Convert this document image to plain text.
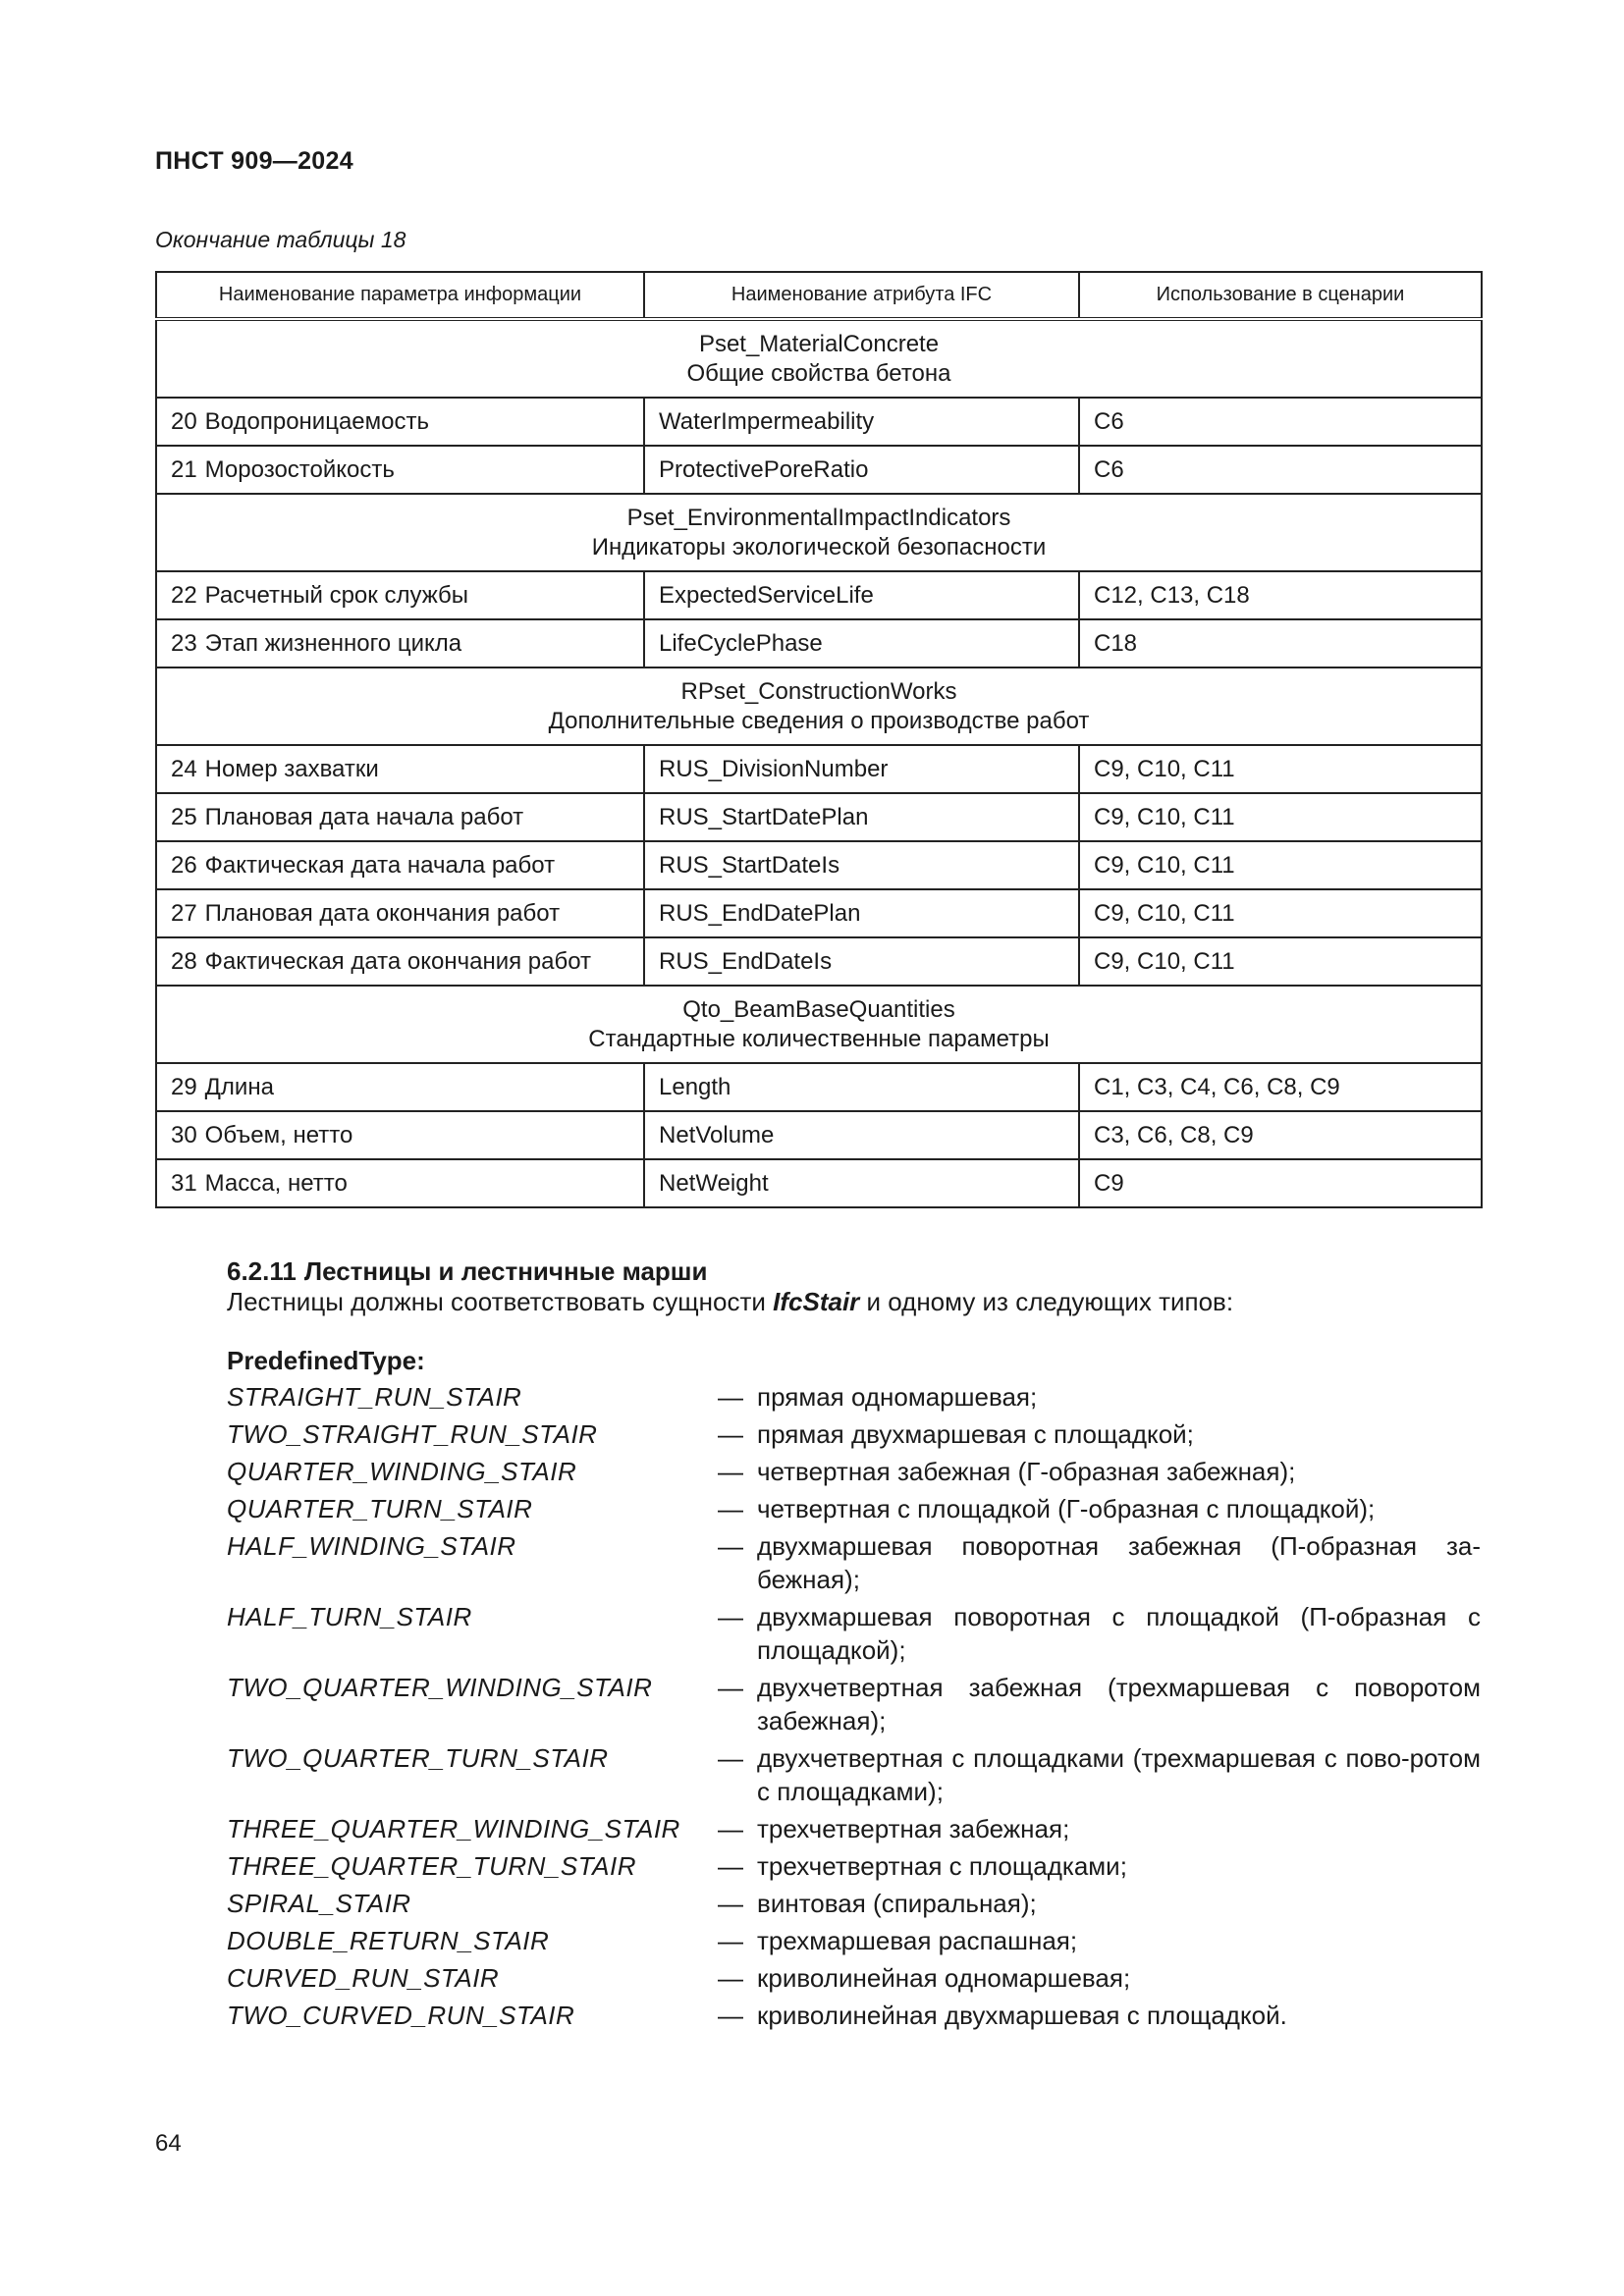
ПНСТ 909—2024
Окончание таблицы 18
Наименование параметра информации	Наименование атрибута IFC	Использование в сценарии

Pset_MaterialConcrete
Общие свойства бетона		

20 Водопроницаемость	WaterImpermeability	C6
21 Морозостойкость	ProtectivePoreRatio	C6

Pset_EnvironmentalImpactIndicators
Индикаторы экологической безопасности		

22 Расчетный срок службы	ExpectedServiceLife	C12, C13, C18
23 Этап жизненного цикла	LifeCyclePhase	C18

RPset_ConstructionWorks
Дополнительные сведения о производстве работ		

24 Номер захватки	RUS_DivisionNumber	C9, C10, C11
25 Плановая дата начала работ	RUS_StartDatePlan	C9, C10, C11
26 Фактическая дата начала работ	RUS_StartDateIs	C9, C10, C11
27 Плановая дата окончания работ	RUS_EndDatePlan	C9, C10, C11
28 Фактическая дата окончания работ	RUS_EndDateIs	C9, C10, C11

Qto_BeamBaseQuantities
Стандартные количественные параметры		

29 Длина	Length	C1, C3, C4, C6, C8, C9
30 Объем, нетто	NetVolume	C3, C6, C8, C9
31 Масса, нетто	NetWeight	C9
6.2.11 Лестницы и лестничные марши
Лестницы должны соответствовать сущности IfcStair и одному из следующих типов:
PredefinedType:
STRAIGHT_RUN_STAIR	— прямая одномаршевая;
TWO_STRAIGHT_RUN_STAIR	— прямая двухмаршевая с площадкой;
QUARTER_WINDING_STAIR	— четвертная забежная (Г-образная забежная);
QUARTER_TURN_STAIR	— четвертная с площадкой (Г-образная с площадкой);
HALF_WINDING_STAIR	— двухмаршевая поворотная забежная (П-образная за-бежная);
HALF_TURN_STAIR	— двухмаршевая поворотная с площадкой (П-образная с площадкой);
TWO_QUARTER_WINDING_STAIR	— двухчетвертная забежная (трехмаршевая с поворотом забежная);
TWO_QUARTER_TURN_STAIR	— двухчетвертная с площадками (трехмаршевая с пово-ротом с площадками);
THREE_QUARTER_WINDING_STAIR	— трехчетвертная забежная;
THREE_QUARTER_TURN_STAIR	— трехчетвертная с площадками;
SPIRAL_STAIR	— винтовая (спиральная);
DOUBLE_RETURN_STAIR	— трехмаршевая распашная;
CURVED_RUN_STAIR	— криволинейная одномаршевая;
TWO_CURVED_RUN_STAIR	— криволинейная двухмаршевая с площадкой.
64
